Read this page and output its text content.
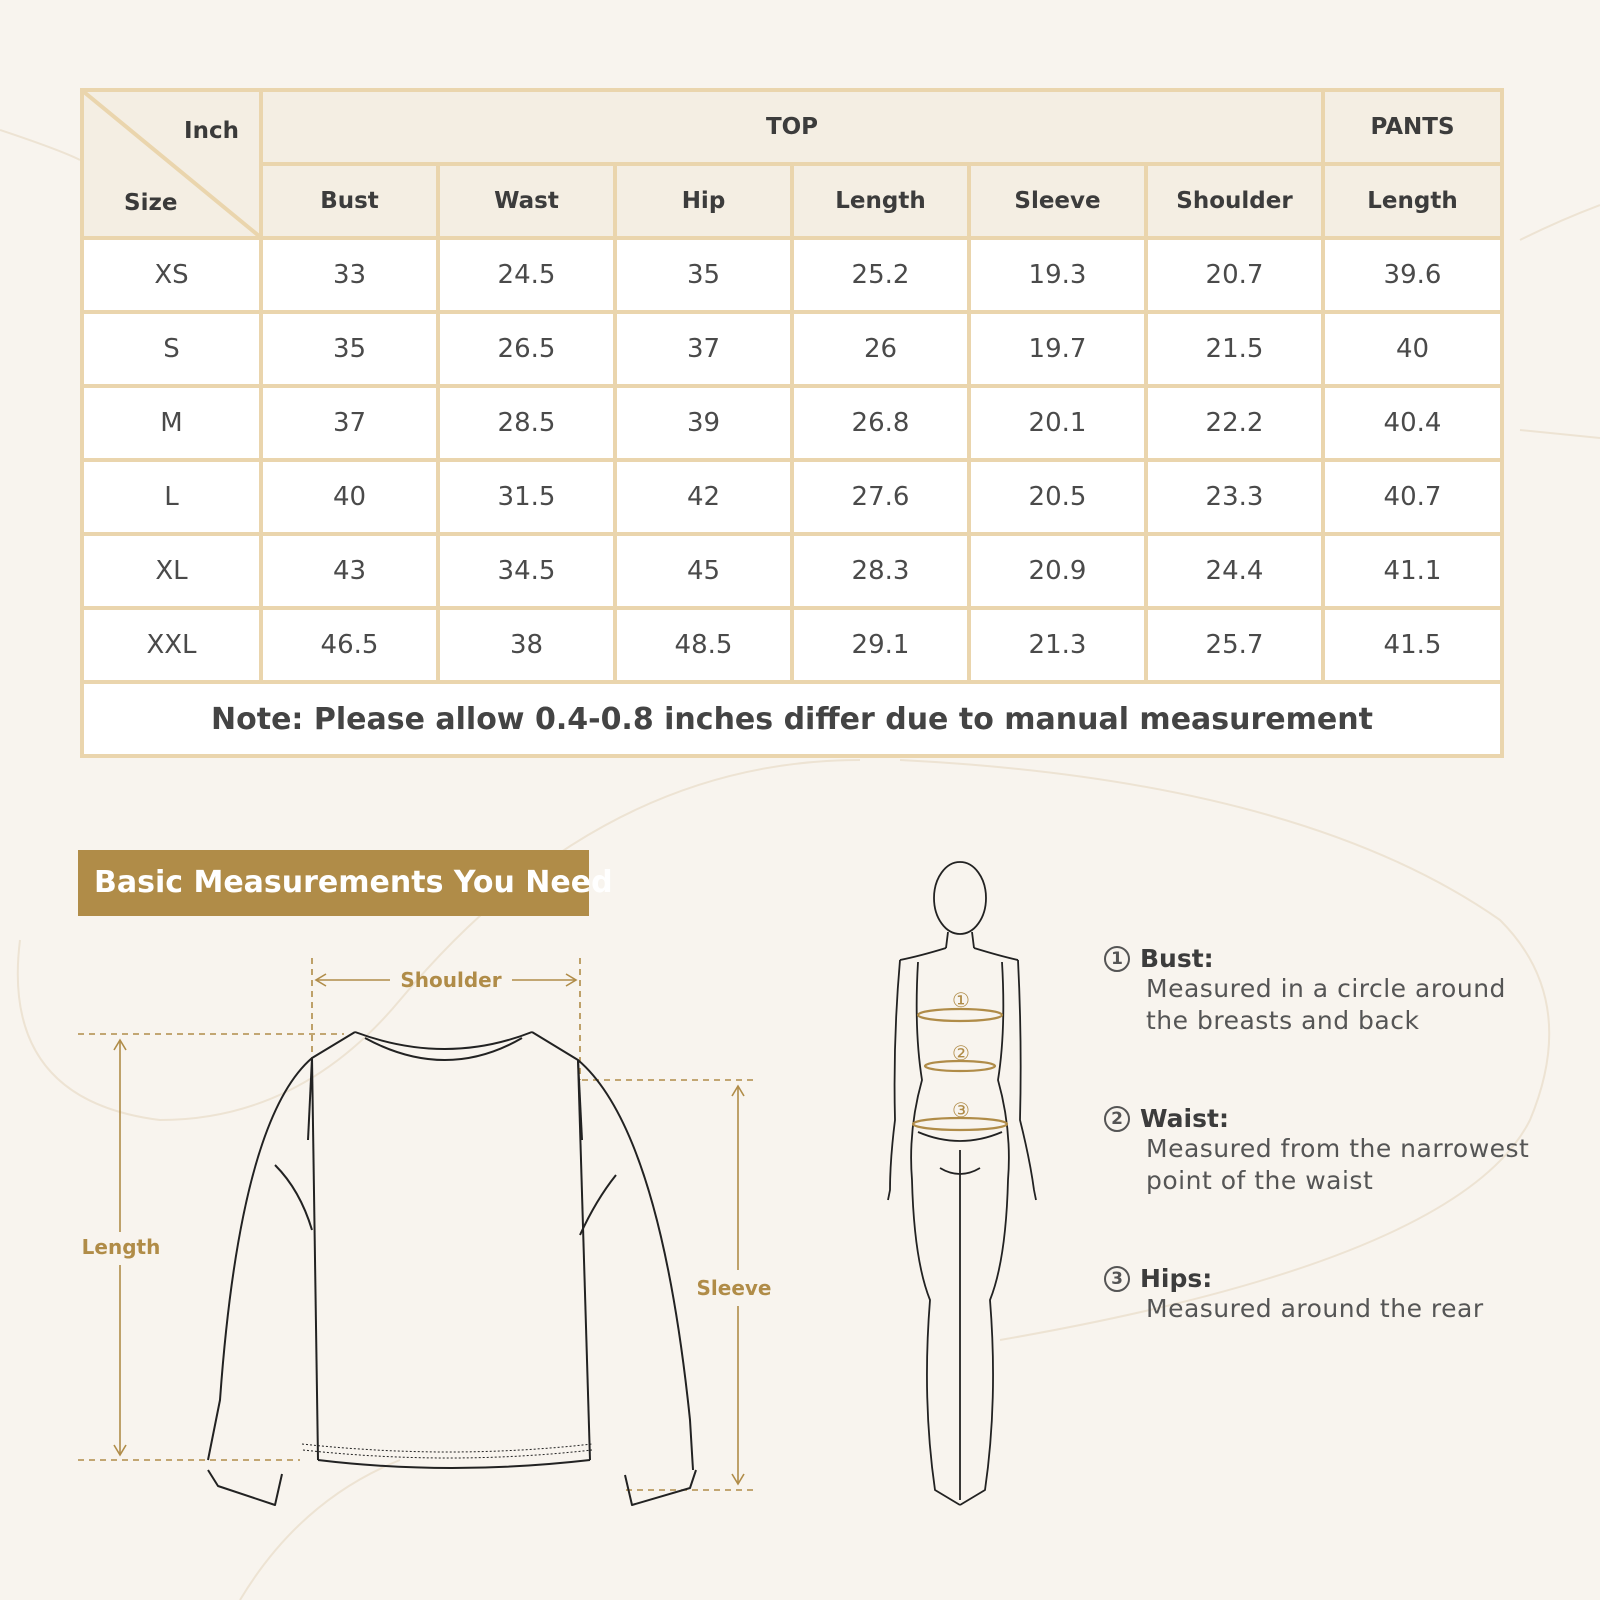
Inch
Size	TOP						PANTS
	Bust	Wast	Hip	Length	Sleeve	Shoulder	Length
XS	33	24.5	35	25.2	19.3	20.7	39.6
S	35	26.5	37	26	19.7	21.5	40
M	37	28.5	39	26.8	20.1	22.2	40.4
L	40	31.5	42	27.6	20.5	23.3	40.7
XL	43	34.5	45	28.3	20.9	24.4	41.1
XXL	46.5	38	48.5	29.1	21.3	25.7	41.5
Note: Please allow 0.4-0.8 inches differ due to manual measurement							
Basic Measurements You Need
Shoulder
Length
Sleeve
①
②
③
1 Bust:
Measured in a circle around
the breasts and back
2 Waist:
Measured from the narrowest
point of the waist
3 Hips:
Measured around the rear
